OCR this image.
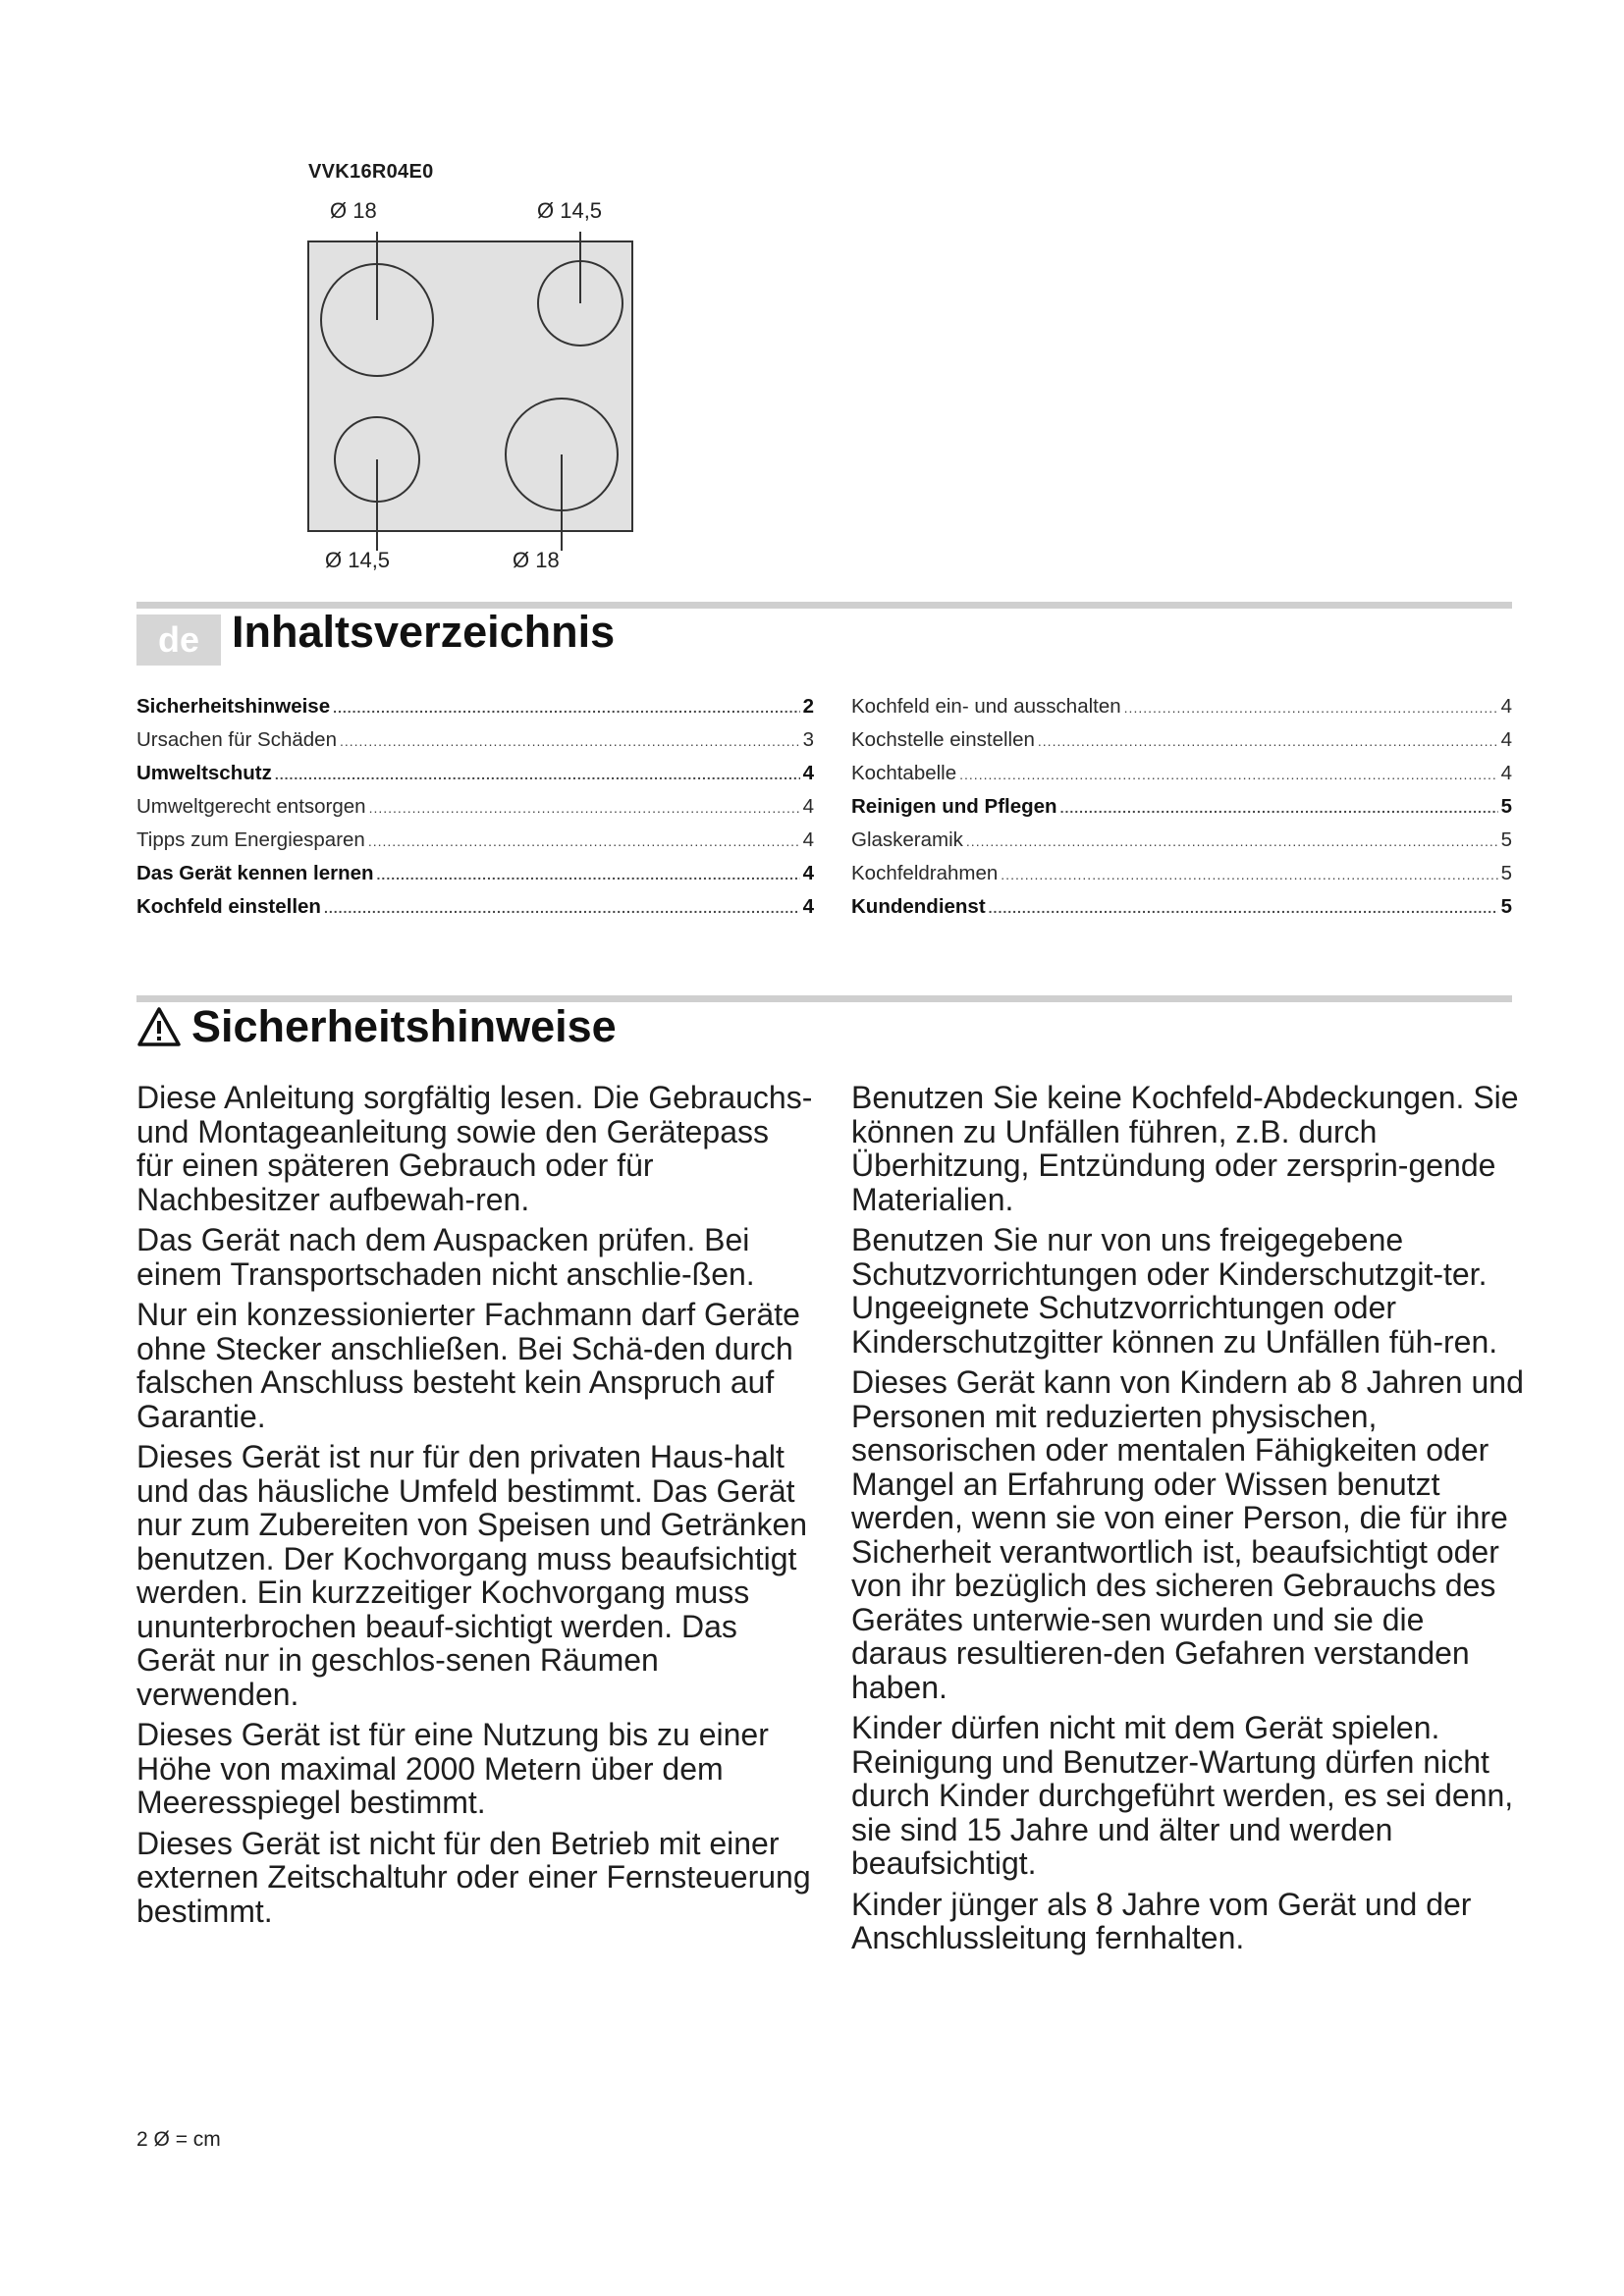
VVK16R04E0
Ø 18	Ø 14,5
Ø 14,5	Ø 18
de Inhaltsverzeichnis
Sicherheitshinweise .....	2
Ursachen für Schäden .....	3
Umweltschutz .....	4
Umweltgerecht entsorgen .....	4
Tipps zum Energiesparen .....	4
Das Gerät kennen lernen .....	4
Kochfeld einstellen .....	4
Kochfeld ein- und ausschalten .....	4
Kochstelle einstellen .....	4
Kochtabelle .....	4
Reinigen und Pflegen .....	5
Glaskeramik .....	5
Kochfeldrahmen .....	5
Kundendienst .....	5
Sicherheitshinweise

Diese Anleitung sorgfältig lesen. Die Gebrauchs- und Montageanleitung sowie den Gerätepass für einen späteren Gebrauch oder für Nachbesitzer aufbewah-ren.

Das Gerät nach dem Auspacken prüfen. Bei einem Transportschaden nicht anschlie-ßen.

Nur ein konzessionierter Fachmann darf Geräte ohne Stecker anschließen. Bei Schä-den durch falschen Anschluss besteht kein Anspruch auf Garantie.

Dieses Gerät ist nur für den privaten Haus-halt und das häusliche Umfeld bestimmt. Das Gerät nur zum Zubereiten von Speisen und Getränken benutzen. Der Kochvorgang muss beaufsichtigt werden. Ein kurzzeitiger Kochvorgang muss ununterbrochen beauf-sichtigt werden. Das Gerät nur in geschlos-senen Räumen verwenden.

Dieses Gerät ist für eine Nutzung bis zu einer Höhe von maximal 2000 Metern über dem Meeresspiegel bestimmt.

Dieses Gerät ist nicht für den Betrieb mit einer externen Zeitschaltuhr oder einer Fernsteuerung bestimmt.

Benutzen Sie keine Kochfeld-Abdeckungen. Sie können zu Unfällen führen, z.B. durch Überhitzung, Entzündung oder zersprin-gende Materialien.

Benutzen Sie nur von uns freigegebene Schutzvorrichtungen oder Kinderschutzgit-ter. Ungeeignete Schutzvorrichtungen oder Kinderschutzgitter können zu Unfällen füh-ren.

Dieses Gerät kann von Kindern ab 8 Jahren und Personen mit reduzierten physischen, sensorischen oder mentalen Fähigkeiten oder Mangel an Erfahrung oder Wissen benutzt werden, wenn sie von einer Person, die für ihre Sicherheit verantwortlich ist, beaufsichtigt oder von ihr bezüglich des sicheren Gebrauchs des Gerätes unterwie-sen wurden und sie die daraus resultieren-den Gefahren verstanden haben.

Kinder dürfen nicht mit dem Gerät spielen. Reinigung und Benutzer-Wartung dürfen nicht durch Kinder durchgeführt werden, es sei denn, sie sind 15 Jahre und älter und werden beaufsichtigt.

Kinder jünger als 8 Jahre vom Gerät und der Anschlussleitung fernhalten.

2 Ø = cm
